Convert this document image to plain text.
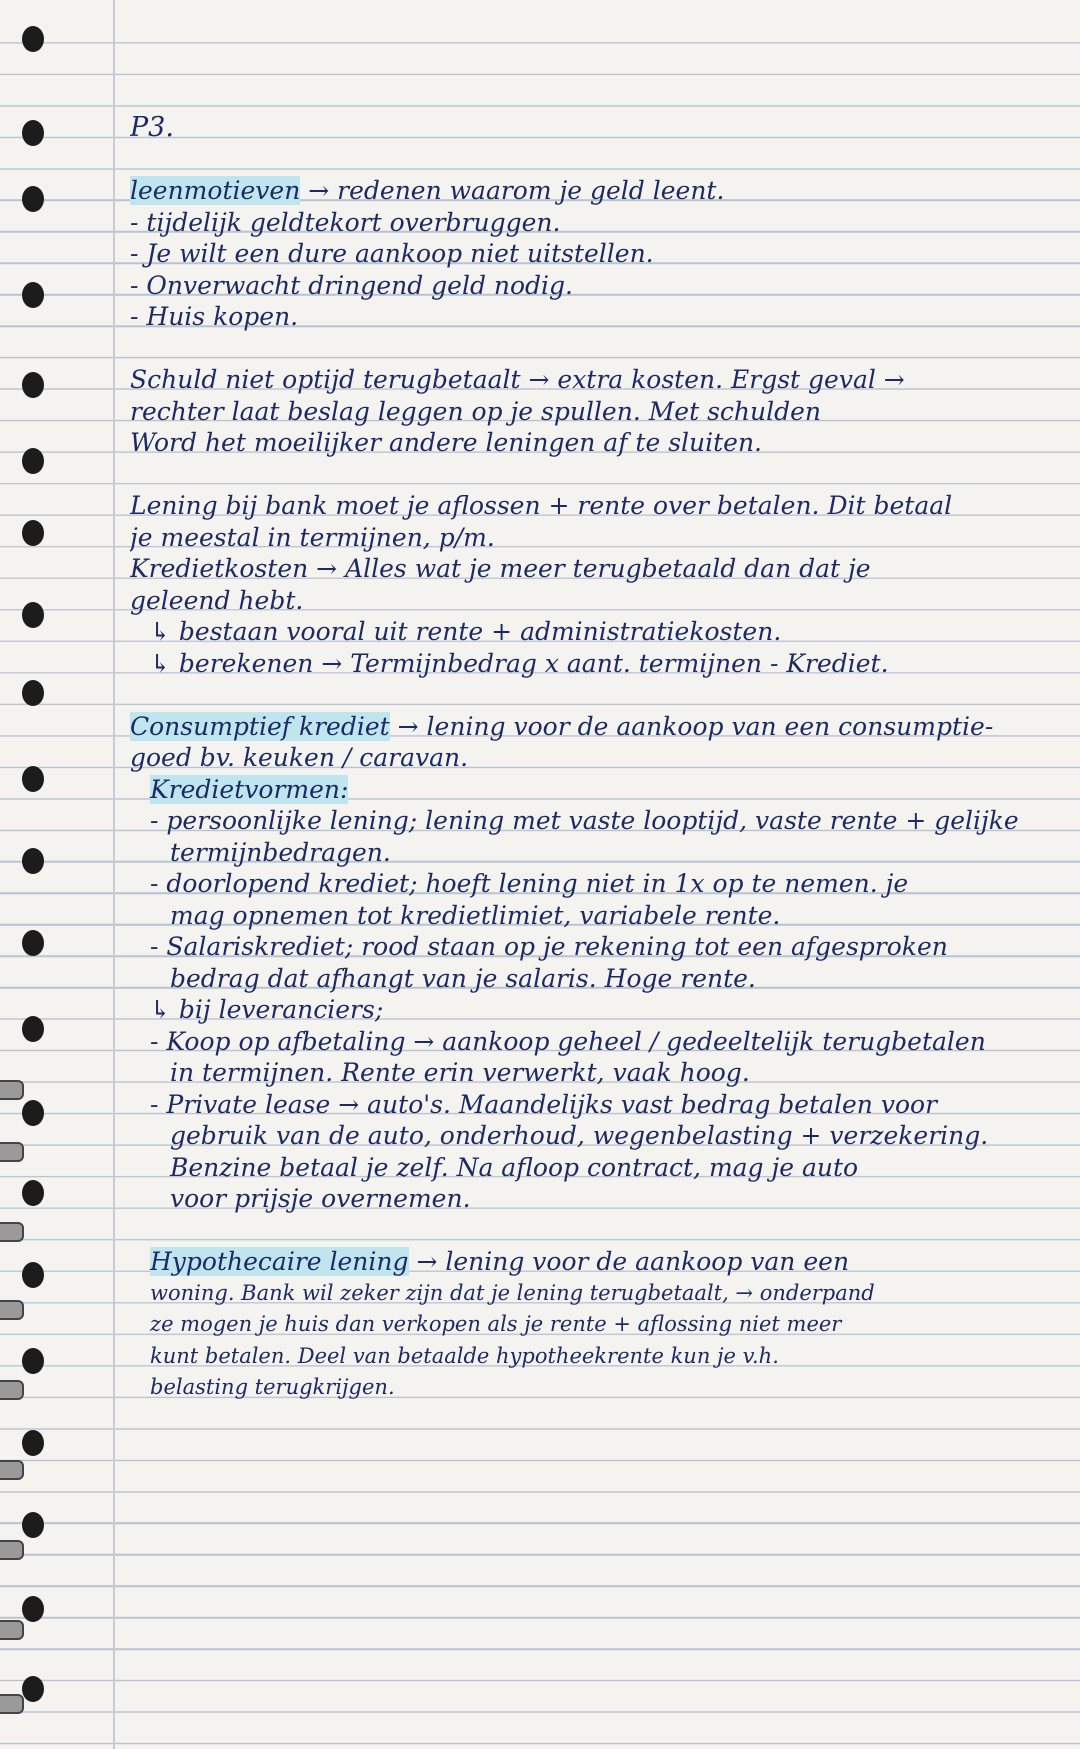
P3.
leenmotieven → redenen waarom je geld leent.
- tijdelijk geldtekort overbruggen.
- Je wilt een dure aankoop niet uitstellen.
- Onverwacht dringend geld nodig.
- Huis kopen.
Schuld niet optijd terugbetaalt → extra kosten. Ergst geval →
rechter laat beslag leggen op je spullen. Met schulden
Word het moeilijker andere leningen af te sluiten.
Lening bij bank moet je aflossen + rente over betalen. Dit betaal
je meestal in termijnen, p/m.
Kredietkosten → Alles wat je meer terugbetaald dan dat je
geleend hebt.
↳ bestaan vooral uit rente + administratiekosten.
↳ berekenen → Termijnbedrag x aant. termijnen - Krediet.
Consumptief krediet → lening voor de aankoop van een consumptie-
goed bv. keuken / caravan.
Kredietvormen:
- persoonlijke lening; lening met vaste looptijd, vaste rente + gelijke
termijnbedragen.
- doorlopend krediet; hoeft lening niet in 1x op te nemen. je
mag opnemen tot kredietlimiet, variabele rente.
- Salariskrediet; rood staan op je rekening tot een afgesproken
bedrag dat afhangt van je salaris. Hoge rente.
↳ bij leveranciers;
- Koop op afbetaling → aankoop geheel / gedeeltelijk terugbetalen
in termijnen. Rente erin verwerkt, vaak hoog.
- Private lease → auto's. Maandelijks vast bedrag betalen voor
gebruik van de auto, onderhoud, wegenbelasting + verzekering.
Benzine betaal je zelf. Na afloop contract, mag je auto
voor prijsje overnemen.
Hypothecaire lening → lening voor de aankoop van een
woning. Bank wil zeker zijn dat je lening terugbetaalt, → onderpand
ze mogen je huis dan verkopen als je rente + aflossing niet meer
kunt betalen. Deel van betaalde hypotheekrente kun je v.h.
belasting terugkrijgen.
